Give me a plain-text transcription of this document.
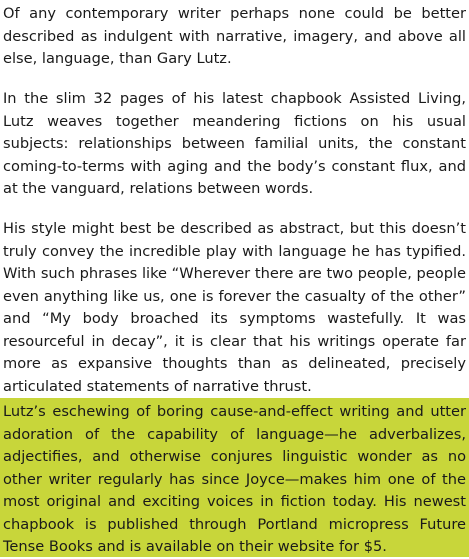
Of any contemporary writer perhaps none could be better described as indulgent with narrative, imagery, and above all else, language, than Gary Lutz.

In the slim 32 pages of his latest chapbook Assisted Living, Lutz weaves together meandering fictions on his usual subjects: relationships between familial units, the constant coming-to-terms with aging and the body’s constant flux, and at the vanguard, relations between words.

His style might best be described as abstract, but this doesn’t truly convey the incredible play with language he has typified. With such phrases like “Wherever there are two people, people even anything like us, one is forever the casualty of the other” and “My body broached its symptoms wastefully. It was resourceful in decay”, it is clear that his writings operate far more as expansive thoughts than as delineated, precisely articulated statements of narrative thrust.

Lutz’s eschewing of boring cause-and-effect writing and utter adoration of the capability of language—he adverbalizes, adjectifies, and otherwise conjures linguistic wonder as no other writer regularly has since Joyce—makes him one of the most original and exciting voices in fiction today. His newest chapbook is published through Portland micropress Future Tense Books and is available on their website for $5.
